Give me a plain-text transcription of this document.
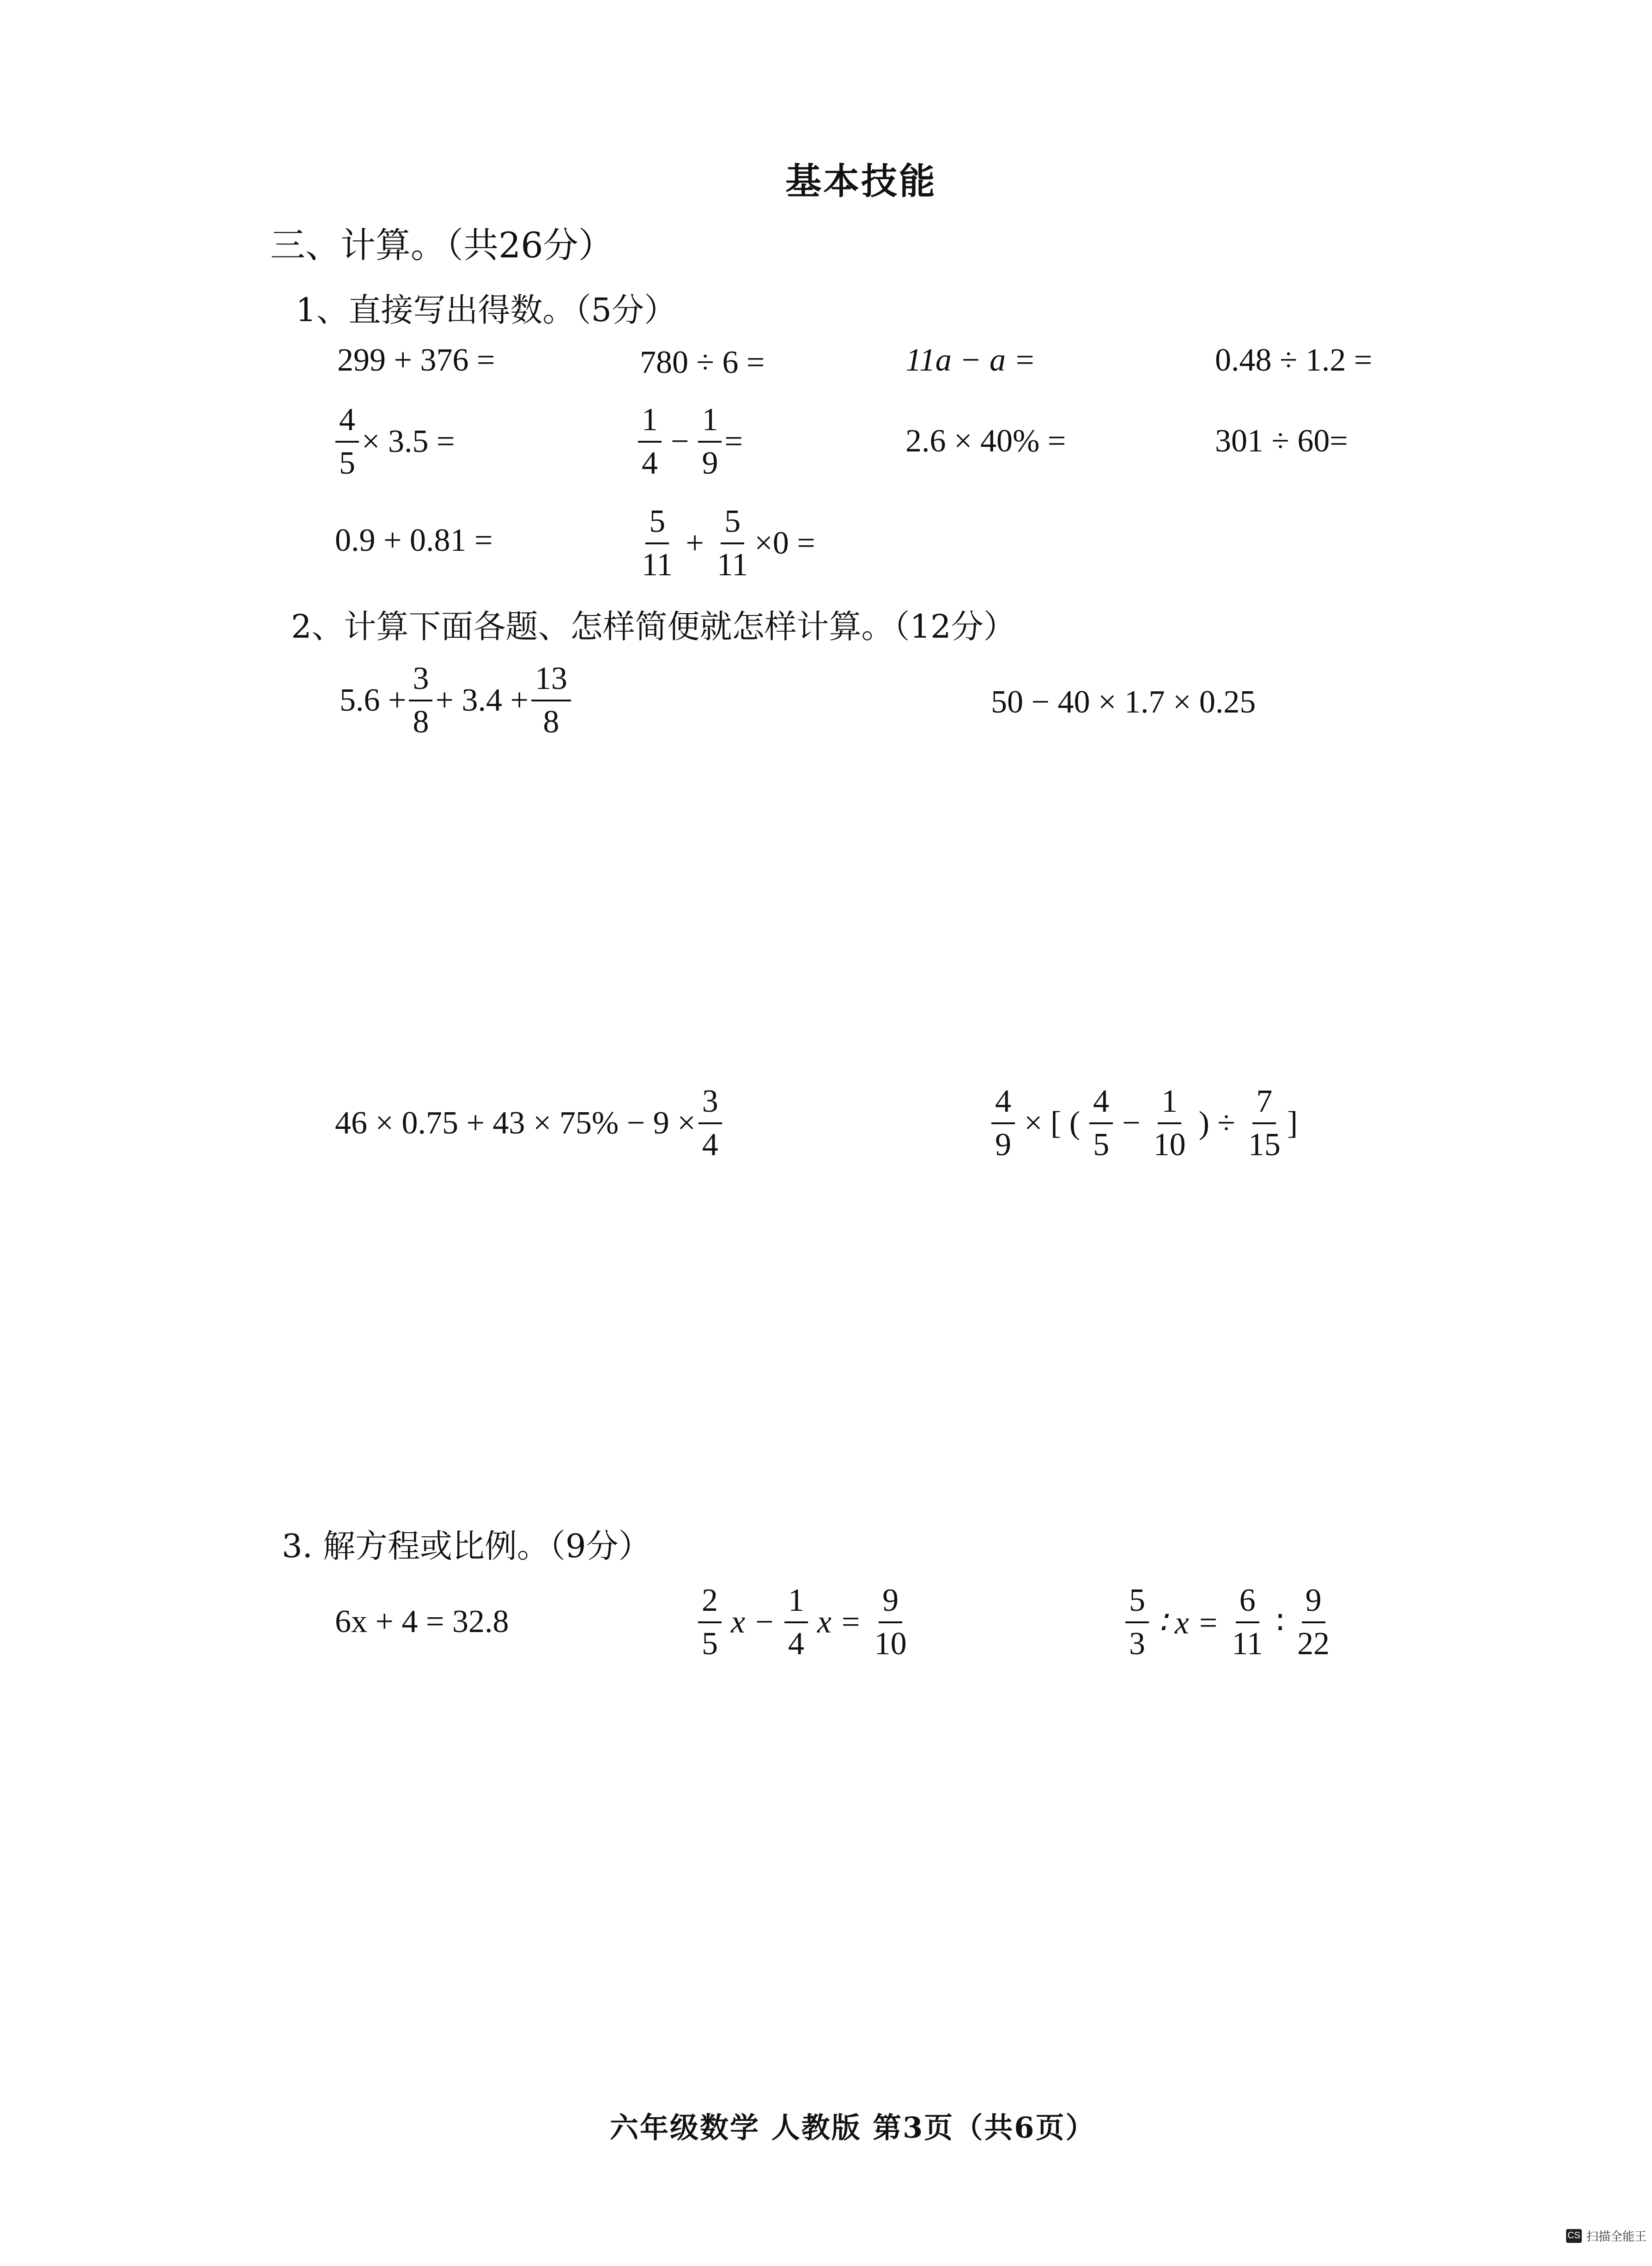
基本技能
三、计算。（共26分）
1、直接写出得数。（5分）
299 + 376 =	780 ÷ 6 =	11a − a =	0.48 ÷ 1.2 =
$\frac{4}{5} \times 3.5$ =	$\frac{1}{4} - \frac{1}{9}$ =	2.6 × 40% =	301 ÷ 60=
0.9 + 0.81 =	$\frac{5}{11} + \frac{5}{11} \times 0$ =
2、计算下面各题、怎样简便就怎样计算。（12分）
$5.6 + \frac{3}{8} + 3.4 + \frac{13}{8}$	50 − 40 × 1.7 × 0.25
$46 \times 0.75 + 43 \times 75\% - 9 \times \frac{3}{4}$	$\frac{4}{9}$ × [ ( $\frac{4}{5} - \frac{1}{10}$ ) ÷ $\frac{7}{15}$ ]
3. 解方程或比例。（9分）
6x + 4 = 32.8	$\frac{2}{5}$ $x - \frac{1}{4}$ $x = \frac{9}{10}$	$\frac{5}{3}$ ∶ $x = \frac{6}{11}$ ∶ $\frac{9}{22}$
六年级数学 人教版 第3页（共6页）
CS 扫描全能王
